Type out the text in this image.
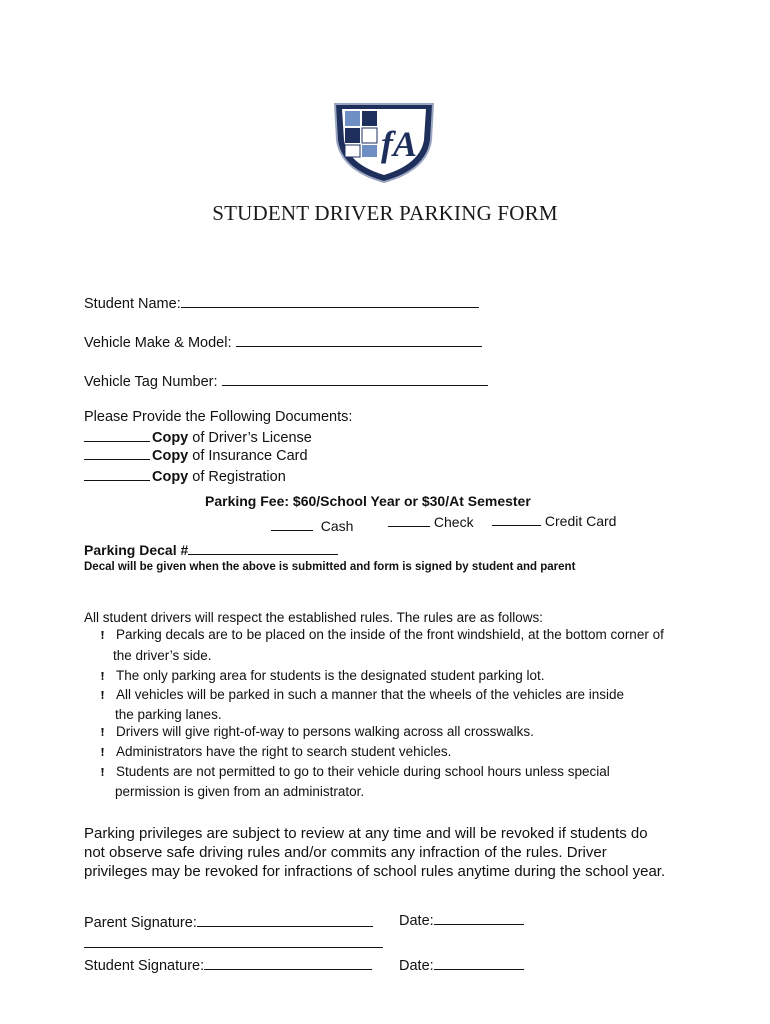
fA
STUDENT DRIVER PARKING FORM
Student Name:
Vehicle Make & Model:
Vehicle Tag Number:
Please Provide the Following Documents:
Copy of Driver’s License
Copy of Insurance Card
Copy of Registration
Parking Fee: $60/School Year or $30/At Semester
Cash	Check	Credit Card
Parking Decal #
Decal will be given when the above is submitted and form is signed by student and parent
All student drivers will respect the established rules. The rules are as follows:
❗︎ Parking decals are to be placed on the inside of the front windshield, at the bottom corner of
the driver’s side.
❗︎ The only parking area for students is the designated student parking lot.
❗︎ All vehicles will be parked in such a manner that the wheels of the vehicles are inside
the parking lanes.
❗︎ Drivers will give right-of-way to persons walking across all crosswalks.
❗︎ Administrators have the right to search student vehicles.
❗︎ Students are not permitted to go to their vehicle during school hours unless special
permission is given from an administrator.
Parking privileges are subject to review at any time and will be revoked if students do
not observe safe driving rules and/or commits any infraction of the rules. Driver
privileges may be revoked for infractions of school rules anytime during the school year.
Parent Signature:	Date:
Student Signature:	Date:
